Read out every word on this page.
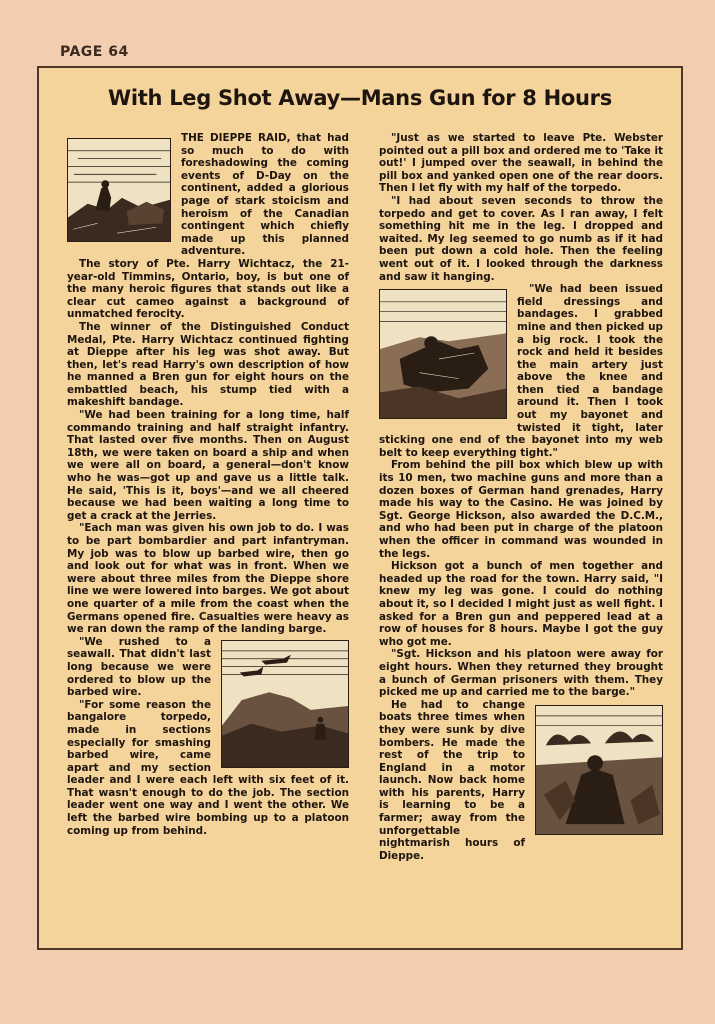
PAGE 64
With Leg Shot Away—Mans Gun for 8 Hours

THE DIEPPE RAID, that had so much to do with foreshadowing the coming events of D-Day on the continent, added a glorious page of stark stoicism and heroism of the Canadian contingent which chiefly made up this planned adventure.

The story of Pte. Harry Wichtacz, the 21-year-old Timmins, Ontario, boy, is but one of the many heroic figures that stands out like a clear cut cameo against a background of unmatched ferocity.

The winner of the Distinguished Conduct Medal, Pte. Harry Wichtacz continued fighting at Dieppe after his leg was shot away. But then, let's read Harry's own description of how he manned a Bren gun for eight hours on the embattled beach, his stump tied with a makeshift bandage.

"We had been training for a long time, half commando training and half straight infantry. That lasted over five months. Then on August 18th, we were taken on board a ship and when we were all on board, a general—don't know who he was—got up and gave us a little talk. He said, 'This is it, boys'—and we all cheered because we had been waiting a long time to get a crack at the Jerries.

"Each man was given his own job to do. I was to be part bombardier and part infantryman. My job was to blow up barbed wire, then go and look out for what was in front. When we were about three miles from the Dieppe shore line we were lowered into barges. We got about one quarter of a mile from the coast when the Germans opened fire. Casualties were heavy as we ran down the ramp of the landing barge.

"We rushed to a seawall. That didn't last long because we were ordered to blow up the barbed wire.

"For some reason the bangalore torpedo, made in sections especially for smashing barbed wire, came apart and my section leader and I were each left with six feet of it. That wasn't enough to do the job. The section leader went one way and I went the other. We left the barbed wire bombing up to a platoon coming up from behind.

"Just as we started to leave Pte. Webster pointed out a pill box and ordered me to 'Take it out!' I jumped over the seawall, in behind the pill box and yanked open one of the rear doors. Then I let fly with my half of the torpedo.

"I had about seven seconds to throw the torpedo and get to cover. As I ran away, I felt something hit me in the leg. I dropped and waited. My leg seemed to go numb as if it had been put down a cold hole. Then the feeling went out of it. I looked through the darkness and saw it hanging.

"We had been issued field dressings and bandages. I grabbed mine and then picked up a big rock. I took the rock and held it besides the main artery just above the knee and then tied a bandage around it. Then I took out my bayonet and twisted it tight, later sticking one end of the bayonet into my web belt to keep everything tight."

From behind the pill box which blew up with its 10 men, two machine guns and more than a dozen boxes of German hand grenades, Harry made his way to the Casino. He was joined by Sgt. George Hickson, also awarded the D.C.M., and who had been put in charge of the platoon when the officer in command was wounded in the legs.

Hickson got a bunch of men together and headed up the road for the town. Harry said, "I knew my leg was gone. I could do nothing about it, so I decided I might just as well fight. I asked for a Bren gun and peppered lead at a row of houses for 8 hours. Maybe I got the guy who got me.

"Sgt. Hickson and his platoon were away for eight hours. When they returned they brought a bunch of German prisoners with them. They picked me up and carried me to the barge."

He had to change boats three times when they were sunk by dive bombers. He made the rest of the trip to England in a motor launch. Now back home with his parents, Harry is learning to be a farmer; away from the unforgettable nightmarish hours of Dieppe.
